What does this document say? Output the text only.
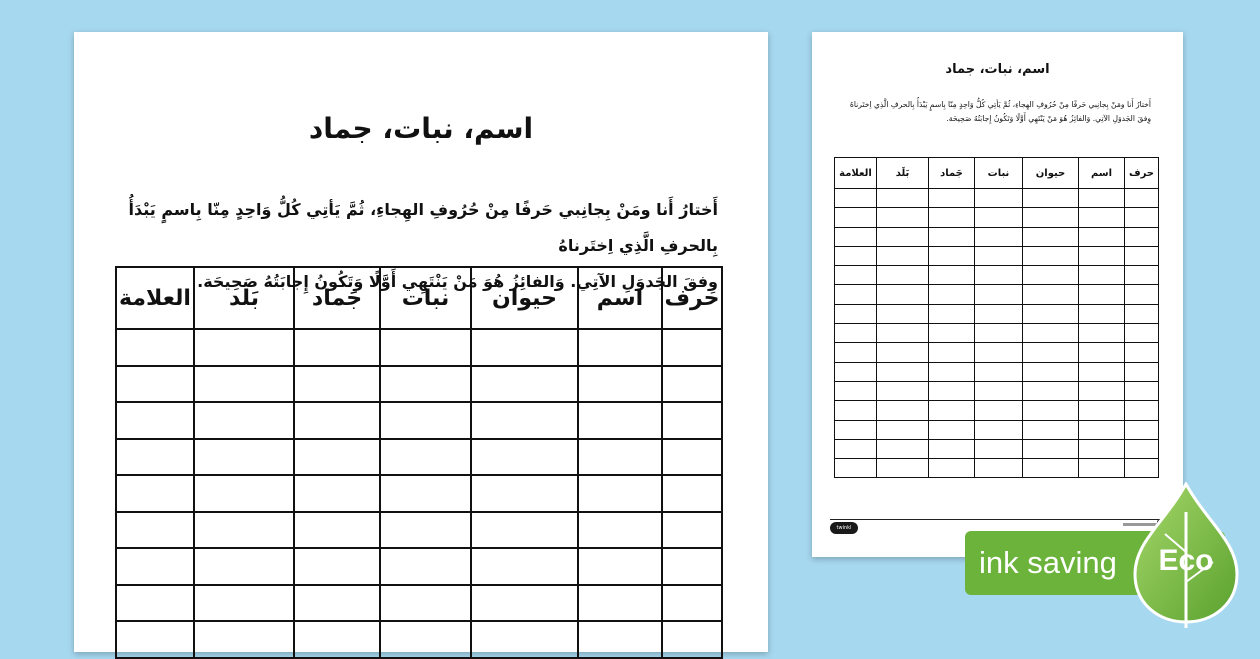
اسم، نبات، جماد
أَختارُ أَنا ومَنْ بِجانِبي حَرفًا مِنْ حُرُوفِ الهِجاءِ، ثُمَّ يَأتِي كُلُّ وَاحِدٍ مِنّا بِاسمٍ يَبْدَأُ بِالحرفِ الَّذِي اِختَرناهُ
وِفقَ الجَدوَلِ الآتِي. وَالفائِزُ هُوَ مَنْ يَنْتَهِي أَوَّلًا وَتَكُونُ إِجابَتُهُ صَحِيحَة.
حرف	اسم	حيوان	نبات	جَماد	بَلَد	العلامة

اسم، نبات، جماد
أَختارُ أَنا ومَنْ بِجانِبي حَرفًا مِنْ حُرُوفِ الهِجاءِ، ثُمَّ يَأتِي كُلُّ وَاحِدٍ مِنّا بِاسمٍ يَبْدَأُ بِالحرفِ الَّذِي اِختَرناهُ
وِفقَ الجَدوَلِ الآتِي. وَالفائِزُ هُوَ مَنْ يَنْتَهِي أَوَّلًا وَتَكُونُ إِجابَتُهُ صَحِيحَة.
حرف	اسم	حيوان	نبات	جَماد	بَلَد	العلامة

twinkl
ink saving	Eco
